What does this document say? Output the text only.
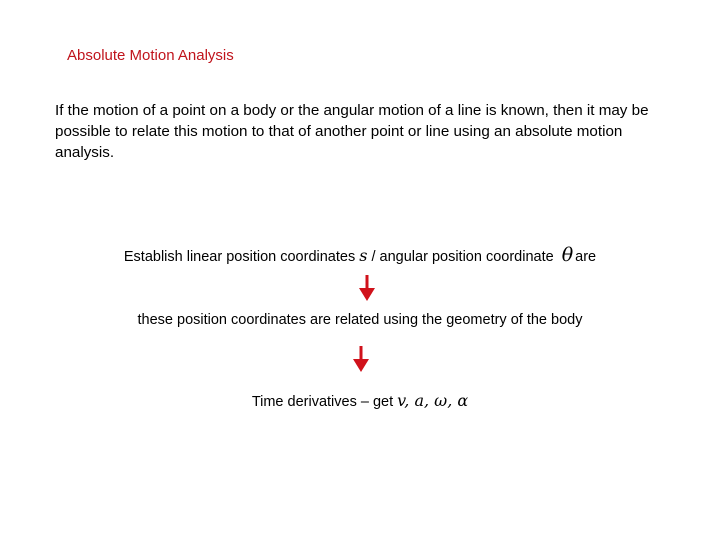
Absolute Motion Analysis
If the motion of a point on a body or the angular motion of a line is known, then it may be possible to relate this motion to that of another point or line using an absolute motion analysis.
Establish linear position coordinates s / angular position coordinate θ are
these position coordinates are related using the geometry of the body
Time derivatives – get v, a, ω, α
